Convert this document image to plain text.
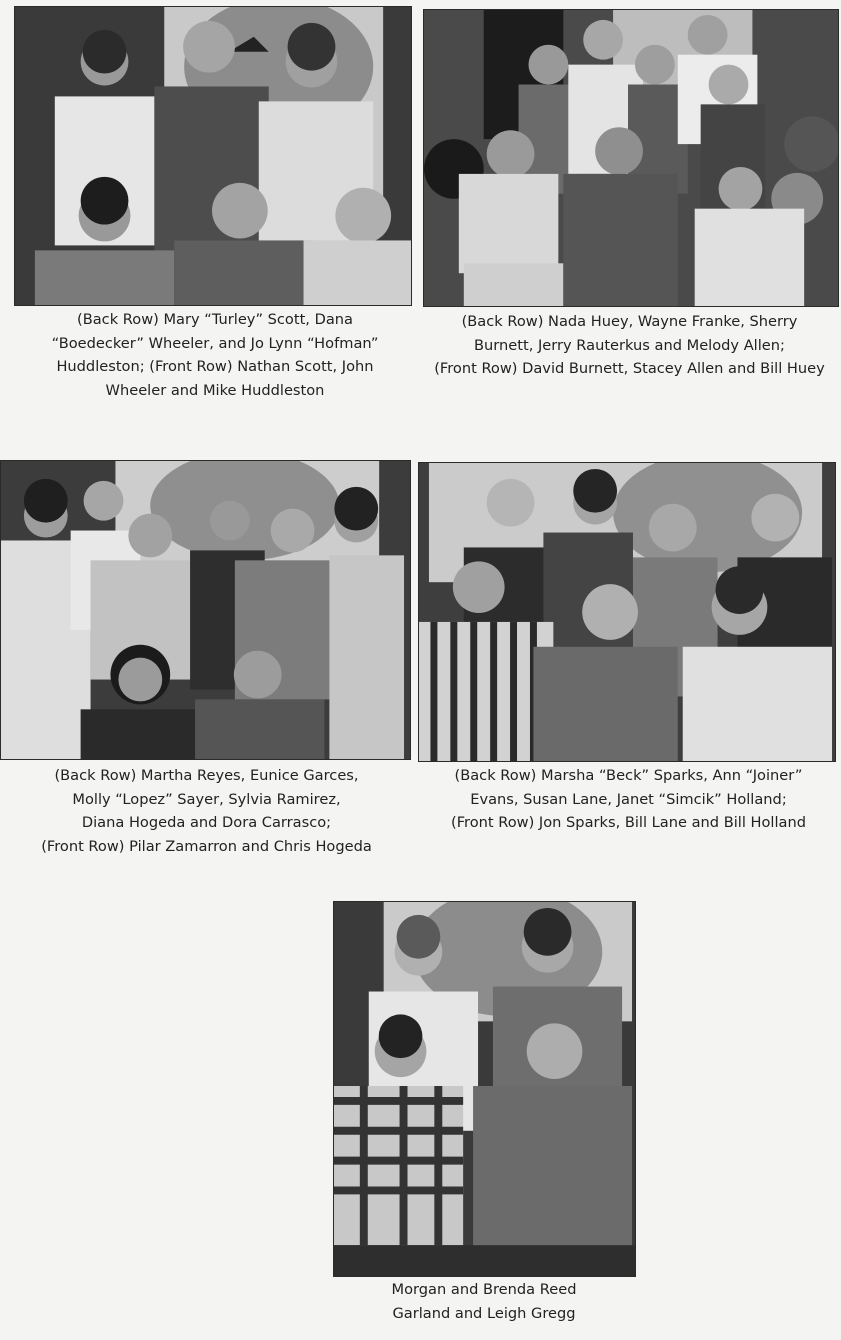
(Back Row) Mary “Turley” Scott, Dana
“Boedecker” Wheeler, and Jo Lynn “Hofman”
Huddleston; (Front Row) Nathan Scott, John
Wheeler and Mike Huddleston
(Back Row) Nada Huey, Wayne Franke, Sherry
Burnett, Jerry Rauterkus and Melody Allen;
(Front Row) David Burnett, Stacey Allen and Bill Huey
(Back Row) Martha Reyes, Eunice Garces,
Molly “Lopez” Sayer, Sylvia Ramirez,
Diana Hogeda and Dora Carrasco;
(Front Row) Pilar Zamarron and Chris Hogeda
(Back Row) Marsha “Beck” Sparks, Ann “Joiner”
Evans, Susan Lane, Janet “Simcik” Holland;
(Front Row) Jon Sparks, Bill Lane and Bill Holland
Morgan and Brenda Reed
Garland and Leigh Gregg
